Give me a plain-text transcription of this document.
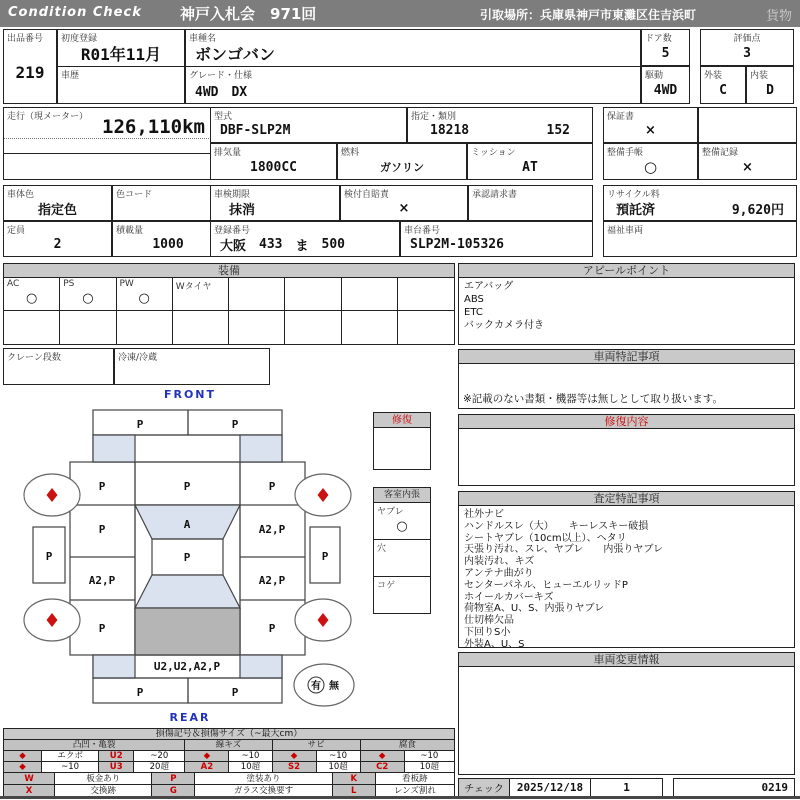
Condition Check	神戸入札会　971回	引取場所：兵庫県神戸市東灘区住吉浜町	貨物
出品番号
219
初度登録
R01年11月
車歴
車種名
ボンゴバン
グレード・仕様
4WD　DX
ドア数
5
駆動
4WD
評価点
3
外装
C
内装
D
走行（現メーター） 126,110km 型式
DBF-SLP2M
指定・類別
18218	152
排気量
1800CC
燃料
ガソリン
ミッション
AT
保証書
×
整備手帳
○
整備記録
×
車体色
指定色
色コード
定員
2
積載量
1000
車検期限
抹消
検付自賠責
×
承認請求書
登録番号
大阪 433 ま 500
車台番号
SLP2M-105326
リサイクル料
預託済	9,620円
福祉車両
装備
AC
○
PS
○
PW
○
Wタイヤ
クレーン段数	冷凍/冷蔵
FRONT
P	P
P	P	P
P	A	A2,P
P	P
P
A2,P	A2,P
P	P
U2,U2,A2,P
P	P	有 無
REAR
修復
客室内張
ヤブレ
○
穴
コゲ
アピールポイント
エアバッグ
ABS
ETC
バックカメラ付き
車両特記事項
※記載のない書類・機器等は無しとして取り扱います。
修復内容
査定特記事項
社外ナビ
ハンドルスレ（大）　　キーレスキー破損
シートヤブレ（10cm以上）、ヘタリ
天張り汚れ、スレ、ヤブレ　　内張りヤブレ
内装汚れ、キズ
アンテナ曲がり
センターパネル、ヒューエルリッドP
ホイールカバーキズ
荷物室A、U、S、内張りヤブレ
仕切棒欠品
下回りS小
外装A、U、S
車両変更情報
チェック	2025/12/18	1	0219
損傷記号＆損傷サイズ（~最大cm）									
凸凹・亀裂				線キズ		サビ		腐食	
◆	エクボ	U2	~20	◆	~10	◆	~10	◆	~10
◆	~10	U3	20超	A2	10超	S2	10超	C2	10超
W	板金あり	P	塗装あり	K	看板跡
X	交換跡	G	ガラス交換要す	L	レンズ割れ
